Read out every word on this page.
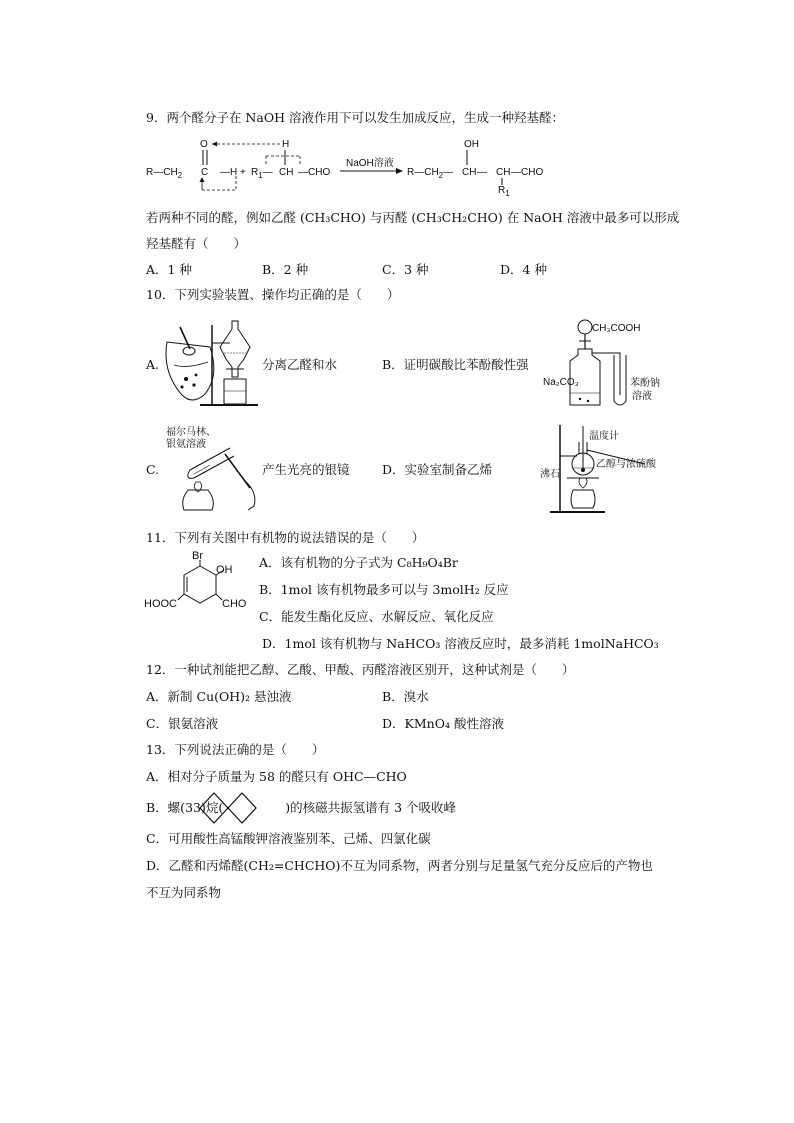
9．两个醛分子在 NaOH 溶液作用下可以发生加成反应，生成一种羟基醛：
$R—CH_2$
O
C —H + $R_1—$ CH
H
—CHO
NaOH溶液
$R—CH_2—$ CH
OH
— CH —CHO
$R_1$
若两种不同的醛，例如乙醛 (CH₃CHO) 与丙醛 (CH₃CH₂CHO) 在 NaOH 溶液中最多可以形成
羟基醛有（　　）
A．1 种	B．2 种	C．3 种	D．4 种
10．下列实验装置、操作均正确的是（　　）
A.	分离乙醛和水	B．证明碳酸比苯酚酸性强
CH₃COOH
Na₂CO₃	苯酚钠
溶液
C.
福尔马林、
银氨溶液
产生光亮的银镜	D．实验室制备乙烯
温度计
沸石
乙醇与浓硫酸
11．下列有关图中有机物的说法错误的是（　　）
Br
OH
HOOC	CHO
A．该有机物的分子式为 C₈H₉O₄Br
B．1mol 该有机物最多可以与 3molH₂ 反应
C．能发生酯化反应、水解反应、氧化反应
D．1mol 该有机物与 NaHCO₃ 溶液反应时，最多消耗 1molNaHCO₃
12．一种试剂能把乙醇、乙酸、甲酸、丙醛溶液区别开，这种试剂是（　　）
A．新制 Cu(OH)₂ 悬浊液	B．溴水
C．银氨溶液	D．KMnO₄ 酸性溶液
13．下列说法正确的是（　　）
A．相对分子质量为 58 的醛只有 OHC—CHO
B．螺(33)烷(	)的核磁共振氢谱有 3 个吸收峰
C．可用酸性高锰酸钾溶液鉴别苯、己烯、四氯化碳
D．乙醛和丙烯醛(CH₂=CHCHO)不互为同系物，两者分别与足量氢气充分反应后的产物也
不互为同系物
